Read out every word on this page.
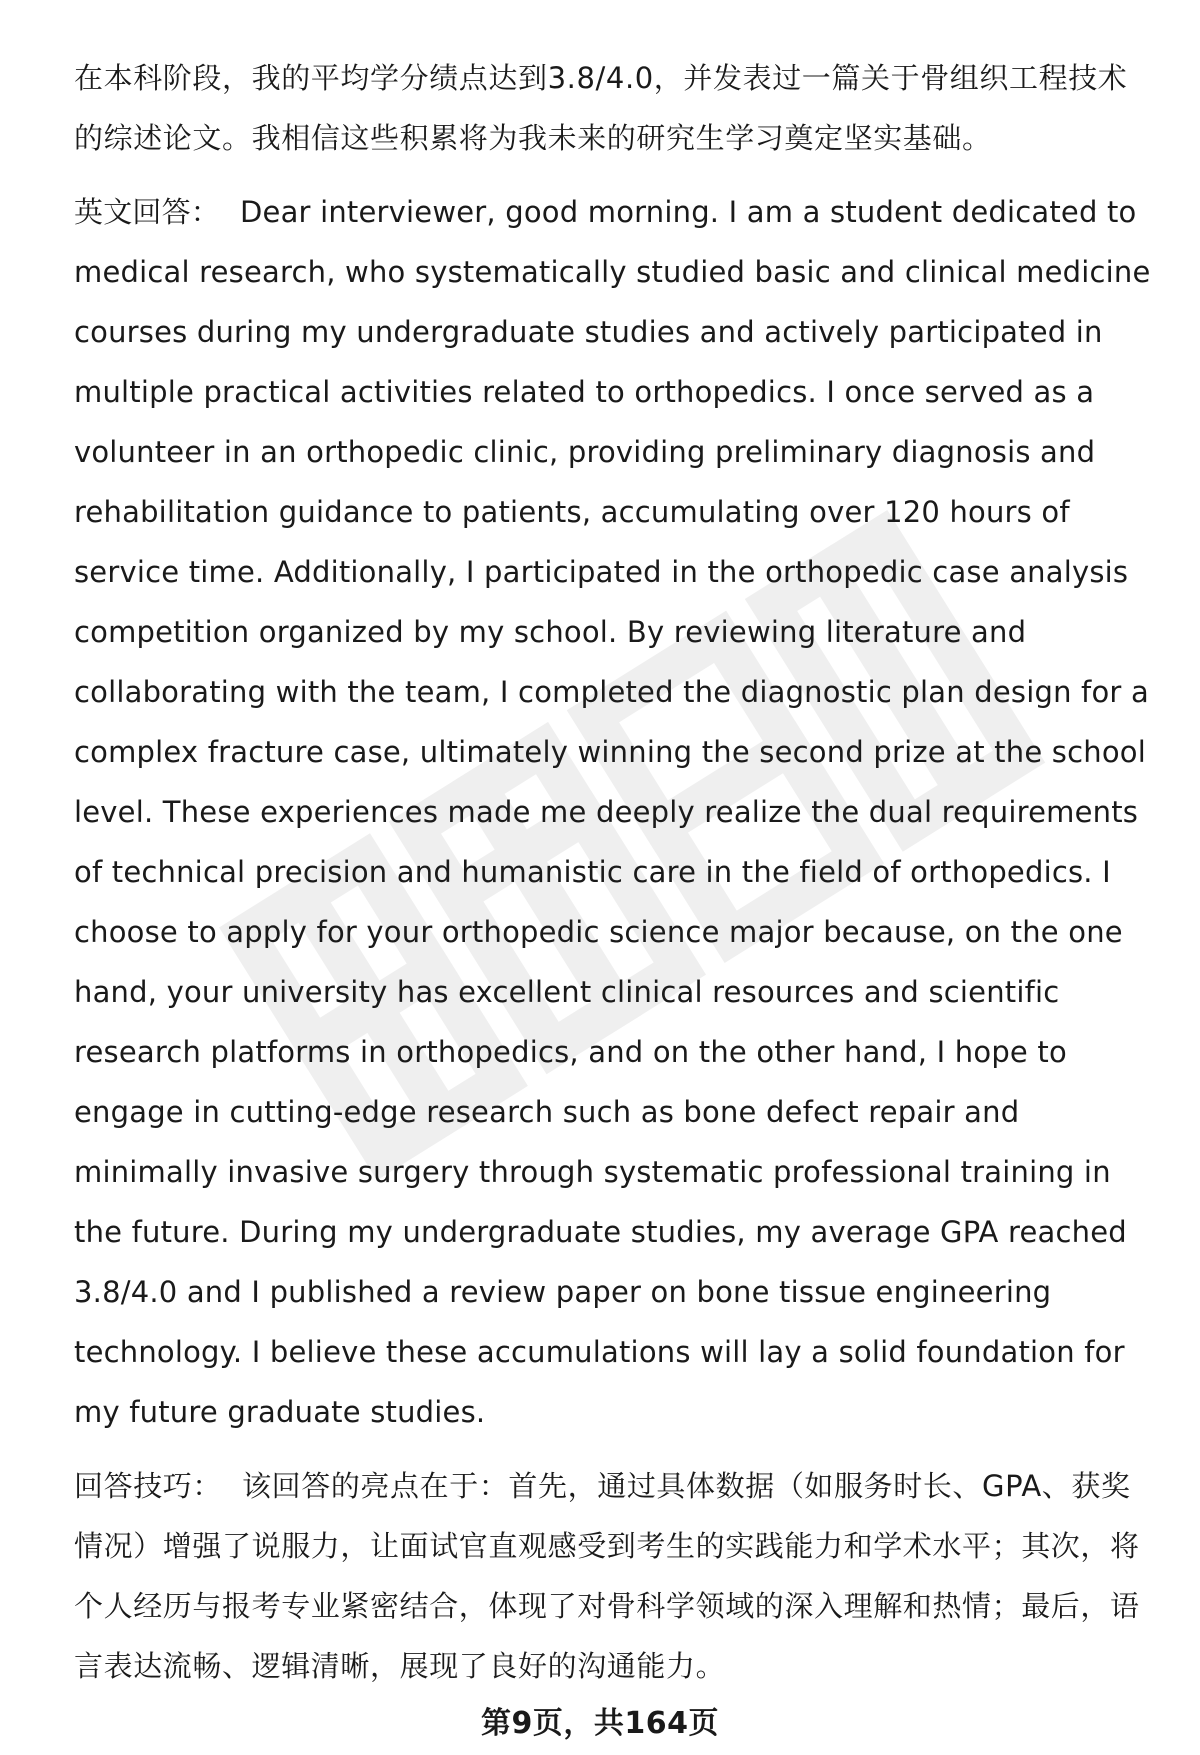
在本科阶段，我的平均学分绩点达到3.8/4.0，并发表过一篇关于骨组织工程技术的综述论文。我相信这些积累将为我未来的研究生学习奠定坚实基础。

英文回答： Dear interviewer, good morning. I am a student dedicated to medical research, who systematically studied basic and clinical medicine courses during my undergraduate studies and actively participated in multiple practical activities related to orthopedics. I once served as a volunteer in an orthopedic clinic, providing preliminary diagnosis and rehabilitation guidance to patients, accumulating over 120 hours of service time. Additionally, I participated in the orthopedic case analysis competition organized by my school. By reviewing literature and collaborating with the team, I completed the diagnostic plan design for a complex fracture case, ultimately winning the second prize at the school level. These experiences made me deeply realize the dual requirements of technical precision and humanistic care in the field of orthopedics. I choose to apply for your orthopedic science major because, on the one hand, your university has excellent clinical resources and scientific research platforms in orthopedics, and on the other hand, I hope to engage in cutting-edge research such as bone defect repair and minimally invasive surgery through systematic professional training in the future. During my undergraduate studies, my average GPA reached 3.8/4.0 and I published a review paper on bone tissue engineering technology. I believe these accumulations will lay a solid foundation for my future graduate studies.

回答技巧： 该回答的亮点在于：首先，通过具体数据（如服务时长、GPA、获奖情况）增强了说服力，让面试官直观感受到考生的实践能力和学术水平；其次，将个人经历与报考专业紧密结合，体现了对骨科学领域的深入理解和热情；最后，语言表达流畅、逻辑清晰，展现了良好的沟通能力。

第9页，共164页
